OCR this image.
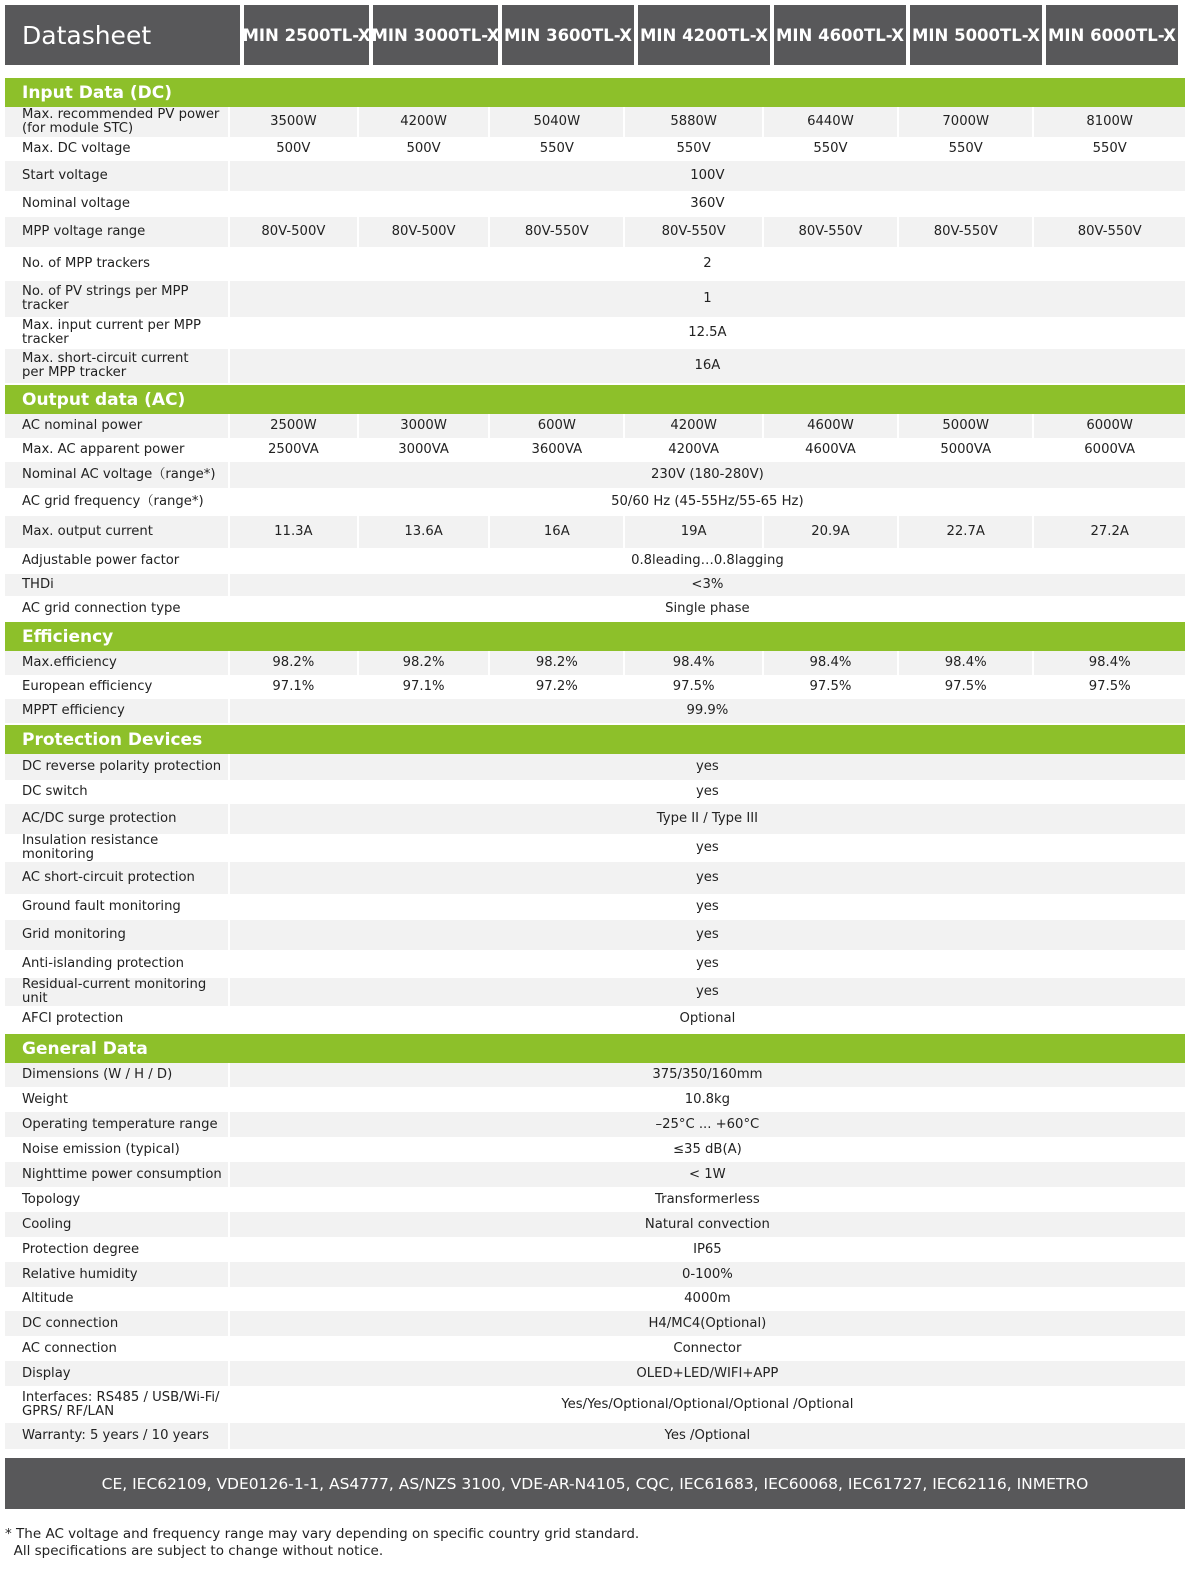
Datasheet	MIN 2500TL-X MIN 3000TL-X MIN 3600TL-X MIN 4200TL-X MIN 4600TL-X MIN 5000TL-X MIN 6000TL-X
Input Data (DC)
Max. recommended PV power
(for module STC)	3500W	4200W	5040W	5880W	6440W	7000W	8100W
Max. DC voltage	500V	500V	550V	550V	550V	550V	550V
Start voltage	100V						
Nominal voltage	360V						
MPP voltage range	80V-500V	80V-500V	80V-550V	80V-550V	80V-550V	80V-550V	80V-550V
No. of MPP trackers	2						
No. of PV strings per MPP tracker	1						
Max. input current per MPP tracker	12.5A						
Max. short-circuit current
per MPP tracker	16A						
Output data (AC)
AC nominal power	2500W	3000W	600W	4200W	4600W	5000W	6000W
Max. AC apparent power	2500VA	3000VA	3600VA	4200VA	4600VA	5000VA	6000VA
Nominal AC voltage（range*)	230V (180-280V)						
AC grid frequency（range*)	50/60 Hz (45-55Hz/55-65 Hz)						
Max. output current	11.3A	13.6A	16A	19A	20.9A	22.7A	27.2A
Adjustable power factor	0.8leading…0.8lagging						
THDi	<3%						
AC grid connection type	Single phase						
Efficiency
Max.efficiency	98.2%	98.2%	98.2%	98.4%	98.4%	98.4%	98.4%
European efficiency	97.1%	97.1%	97.2%	97.5%	97.5%	97.5%	97.5%
MPPT efficiency	99.9%						
Protection Devices
DC reverse polarity protection	yes
DC switch	yes
AC/DC surge protection	Type II / Type III
Insulation resistance monitoring	yes
AC short-circuit protection	yes
Ground fault monitoring	yes
Grid monitoring	yes
Anti-islanding protection	yes
Residual-current monitoring unit	yes
AFCI protection	Optional
General Data
Dimensions (W / H / D)	375/350/160mm
Weight	10.8kg
Operating temperature range	–25°C ... +60°C
Noise emission (typical)	≤35 dB(A)
Nighttime power consumption	< 1W
Topology	Transformerless
Cooling	Natural convection
Protection degree	IP65
Relative humidity	0-100%
Altitude	4000m
DC connection	H4/MC4(Optional)
AC connection	Connector
Display	OLED+LED/WIFI+APP
Interfaces: RS485 / USB/Wi-Fi/
GPRS/ RF/LAN	Yes/Yes/Optional/Optional/Optional /Optional
Warranty: 5 years / 10 years	Yes /Optional
CE, IEC62109, VDE0126-1-1, AS4777, AS/NZS 3100, VDE-AR-N4105, CQC, IEC61683, IEC60068, IEC61727, IEC62116, INMETRO
* The AC voltage and frequency range may vary depending on specific country grid standard.
All specifications are subject to change without notice.
